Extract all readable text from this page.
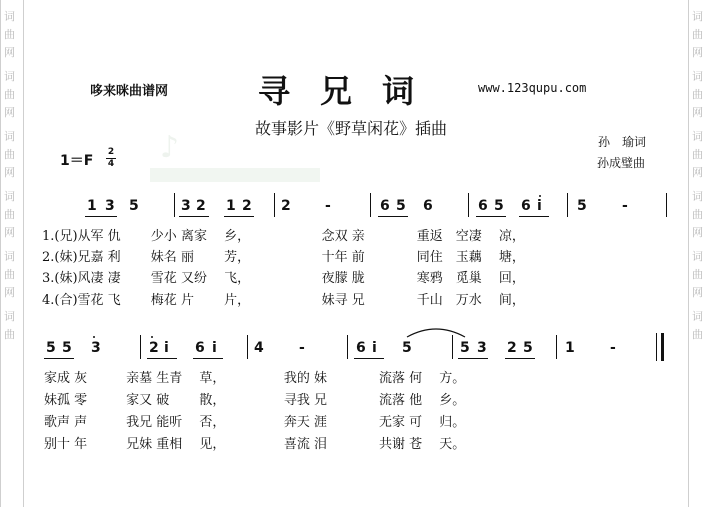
词
曲
网
词
曲
网
词
曲
网
词
曲
网
词
曲
网
词
曲
词
曲
网
词
曲
网
词
曲
网
词
曲
网
词
曲
网
词
曲
♪
哆来咪曲谱网	寻兄词	www.123qupu.com
故事影片《野草闲花》插曲
孙　瑜词
孙成璧曲
1＝F
2
4
1 3 5	3 2 1 2 2 -	6 5 6	6 5 6 i	5	-
1.(兄)从军 仇　　 少小 离家　 乡，　　　　　　念双 亲　　　　重返　空凄　 凉，
2.(妹)兄嘉 利　　 妹名 丽　　 芳，　　　　　　十年 前　　　　同住　玉藕　 塘，
3.(妹)风凄 凄　　 雪花 又纷　 飞，　　　　　　夜朦 胧　　　　寒鸦　觅巢　 回，
4.(合)雪花 飞　　 梅花 片　　 片，　　　　　　妹寻 兄　　　　千山　万水　 间，
5 5 3	2 i 6 i	4	-	6 i 5	5 3 2 5 1	-
家成 灰　　　亲墓 生青　 草，　　　　　我的 妹　　　　流落 何　 方。
妹孤 零　　　家又 破　　 散，　　　　　寻我 兄　　　　流落 他　 乡。
歌声 声　　　我兄 能听　 否，　　　　　奔天 涯　　　　无家 可　 归。
别十 年　　　兄妹 重相　 见，　　　　　喜流 泪　　　　共谢 苍　 天。
